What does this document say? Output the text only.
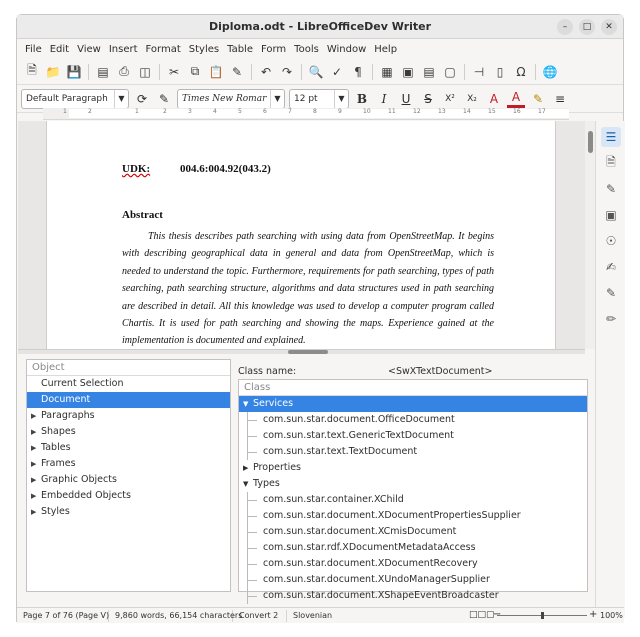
Diploma.odt - LibreOfficeDev Writer	–	□	✕
File Edit View Insert Format Styles Table Form Tools Window Help
🗎 📁 💾 ▤ ⎙ ◫	✂ ⧉ 📋 ✎	↶ ↷	🔍 ✓	¶	▦ ▣ ▤ ▢	⊣	▯	Ω	🌐
Default Paragraph	▼	⟳ ✎	Times New Romar	▼	12 pt	▼	B	I	U	S	X²	X₂	A	A	✎ ≡
1	2	1	2	3	4	5	6	7	8	9	10	11	12	13	14	15	16	17
UDK:	004.6:004.92(043.2)
Abstract
This thesis describes path searching with using data from OpenStreetMap. It begins with describing geographical data in general and data from OpenStreetMap, which is needed to understand the topic. Furthermore, requirements for path searching, types of path searching, path searching structure, algorithms and data structures used in path searching are described in detail. All this knowledge was used to develop a computer program called Chartis. It is used for path searching and showing the maps. Experience gained at the implementation is documented and explained.
☰
🗎
✎
▣
☉
✍
✎
✏
Object
Current Selection
Document
▶ Paragraphs
▶ Shapes
▶ Tables
▶ Frames
▶ Graphic Objects
▶ Embedded Objects
▶ Styles
Class name:	<SwXTextDocument>
Class
▼ Services
com.sun.star.document.OfficeDocument
com.sun.star.text.GenericTextDocument
com.sun.star.text.TextDocument
▶ Properties
▼ Types
com.sun.star.container.XChild
com.sun.star.document.XDocumentPropertiesSupplier
com.sun.star.document.XCmisDocument
com.sun.star.rdf.XDocumentMetadataAccess
com.sun.star.document.XDocumentRecovery
com.sun.star.document.XUndoManagerSupplier
com.sun.star.document.XShapeEventBroadcaster
Page 7 of 76 (Page V) 9,860 words, 66,154 characters
Convert 2	Slovenian	□□▢
−	+ 100%
